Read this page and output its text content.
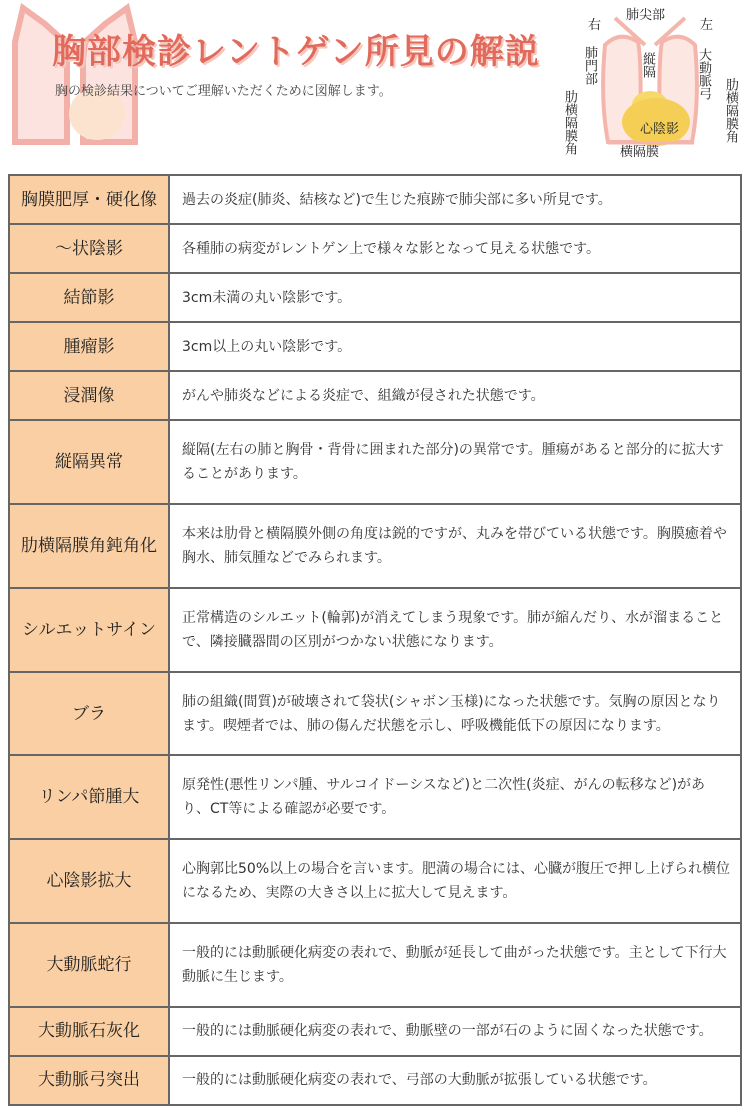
胸部検診レントゲン所見の解説
胸の検診結果についてご理解いただくために図解します。
右
肺尖部
左
肺門部	縦隔	大動脈弓
肋横隔膜角	肋横隔膜角
心陰影
横隔膜
胸膜肥厚・硬化像	過去の炎症(肺炎、結核など)で生じた痕跡で肺尖部に多い所見です。
～状陰影	各種肺の病変がレントゲン上で様々な影となって見える状態です。
結節影	3cm未満の丸い陰影です。
腫瘤影	3cm以上の丸い陰影です。
浸潤像	がんや肺炎などによる炎症で、組織が侵された状態です。
縦隔異常	縦隔(左右の肺と胸骨・背骨に囲まれた部分)の異常です。腫瘍があると部分的に拡大することがあります。
肋横隔膜角鈍角化	本来は肋骨と横隔膜外側の角度は鋭的ですが、丸みを帯びている状態です。胸膜癒着や胸水、肺気腫などでみられます。
シルエットサイン	正常構造のシルエット(輪郭)が消えてしまう現象です。肺が縮んだり、水が溜まることで、隣接臓器間の区別がつかない状態になります。
ブラ	肺の組織(間質)が破壊されて袋状(シャボン玉様)になった状態です。気胸の原因となります。喫煙者では、肺の傷んだ状態を示し、呼吸機能低下の原因になります。
リンパ節腫大	原発性(悪性リンパ腫、サルコイドーシスなど)と二次性(炎症、がんの転移など)があり、CT等による確認が必要です。
心陰影拡大	心胸郭比50%以上の場合を言います。肥満の場合には、心臓が腹圧で押し上げられ横位になるため、実際の大きさ以上に拡大して見えます。
大動脈蛇行	一般的には動脈硬化病変の表れで、動脈が延長して曲がった状態です。主として下行大動脈に生じます。
大動脈石灰化	一般的には動脈硬化病変の表れで、動脈壁の一部が石のように固くなった状態です。
大動脈弓突出	一般的には動脈硬化病変の表れで、弓部の大動脈が拡張している状態です。
